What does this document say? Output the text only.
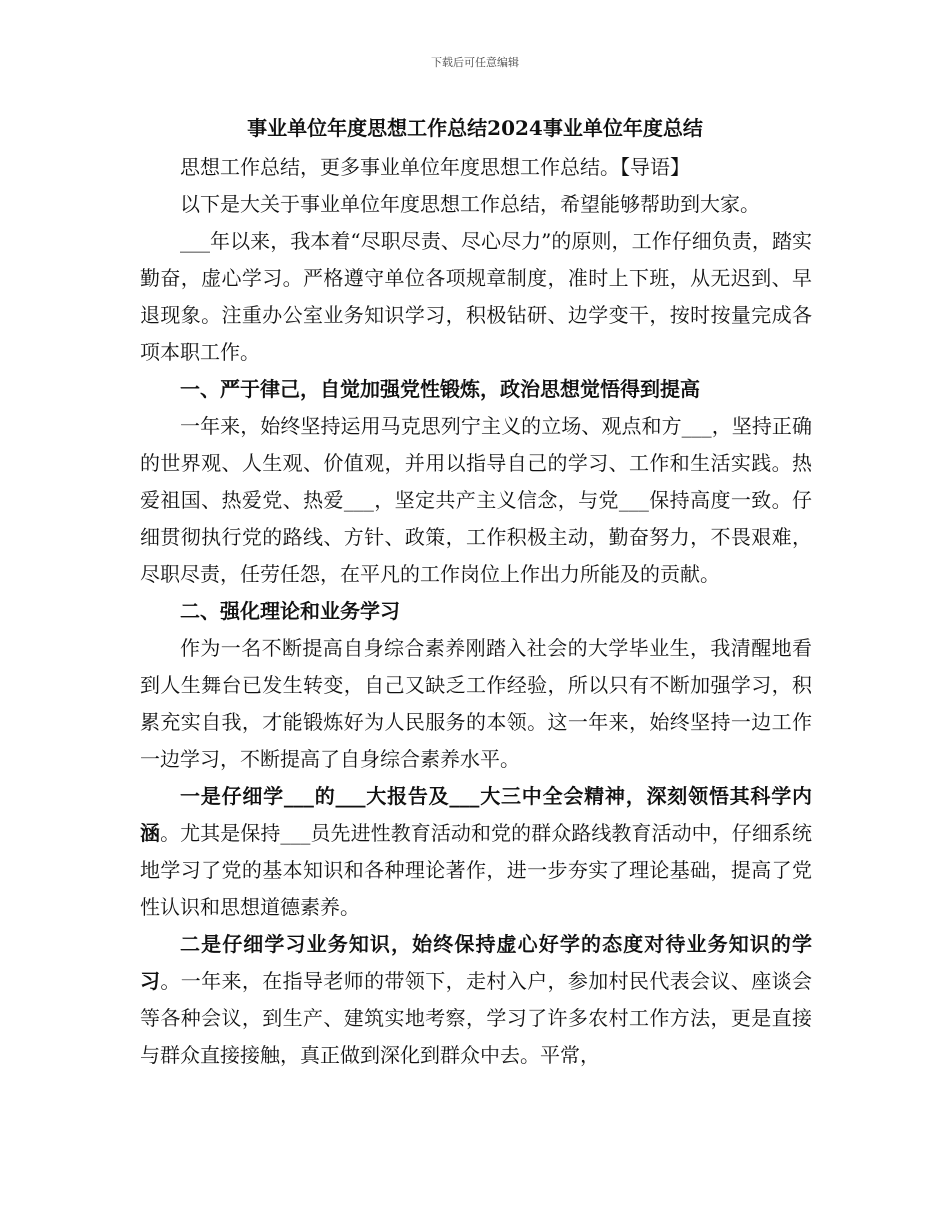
下载后可任意编辑
事业单位年度思想工作总结2024事业单位年度总结

思想工作总结，更多事业单位年度思想工作总结。【导语】

以下是大关于事业单位年度思想工作总结，希望能够帮助到大家。

___年以来，我本着“尽职尽责、尽心尽力”的原则，工作仔细负责，踏实勤奋，虚心学习。严格遵守单位各项规章制度，准时上下班，从无迟到、早退现象。注重办公室业务知识学习，积极钻研、边学变干，按时按量完成各项本职工作。

一、严于律己，自觉加强党性锻炼，政治思想觉悟得到提高

一年来，始终坚持运用马克思列宁主义的立场、观点和方___，坚持正确的世界观、人生观、价值观，并用以指导自己的学习、工作和生活实践。热爱祖国、热爱党、热爱___，坚定共产主义信念，与党___保持高度一致。仔细贯彻执行党的路线、方针、政策，工作积极主动，勤奋努力，不畏艰难，尽职尽责，任劳任怨，在平凡的工作岗位上作出力所能及的贡献。

二、强化理论和业务学习

作为一名不断提高自身综合素养刚踏入社会的大学毕业生，我清醒地看到人生舞台已发生转变，自己又缺乏工作经验，所以只有不断加强学习，积累充实自我，才能锻炼好为人民服务的本领。这一年来，始终坚持一边工作一边学习，不断提高了自身综合素养水平。

一是仔细学___的___大报告及___大三中全会精神，深刻领悟其科学内涵。尤其是保持___员先进性教育活动和党的群众路线教育活动中，仔细系统地学习了党的基本知识和各种理论著作，进一步夯实了理论基础，提高了党性认识和思想道德素养。

二是仔细学习业务知识，始终保持虚心好学的态度对待业务知识的学习。一年来，在指导老师的带领下，走村入户，参加村民代表会议、座谈会等各种会议，到生产、建筑实地考察，学习了许多农村工作方法，更是直接与群众直接接触，真正做到深化到群众中去。平常，
